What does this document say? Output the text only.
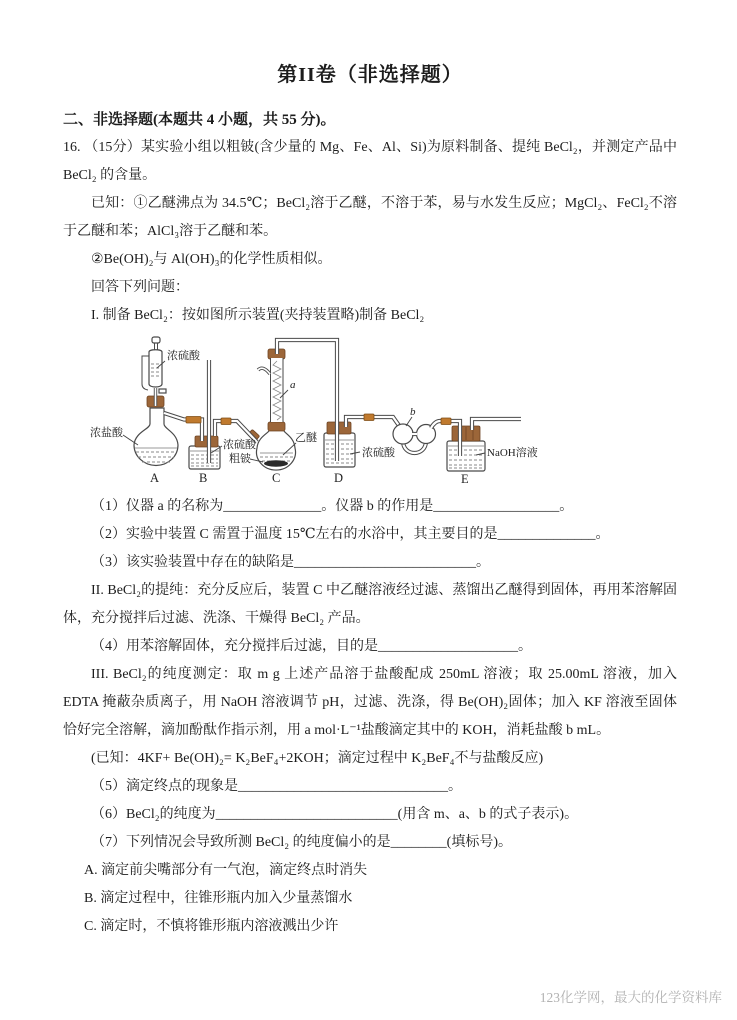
第II卷（非选择题）

二、非选择题(本题共 4 小题，共 55 分)。

16. （15分）某实验小组以粗铍(含少量的 Mg、Fe、Al、Si)为原料制备、提纯 BeCl₂，并测定产品中 BeCl₂ 的含量。

已知：①乙醚沸点为 34.5℃；BeCl₂溶于乙醚，不溶于苯，易与水发生反应；MgCl₂、FeCl₂不溶于乙醚和苯；AlCl₃溶于乙醚和苯。

②Be(OH)₂与 Al(OH)₃的化学性质相似。

回答下列问题：

I. 制备 BeCl₂：按如图所示装置(夹持装置略)制备 BeCl₂

浓硫酸
浓盐酸
浓硫酸
粗铍
乙醚
浓硫酸	NaOH溶液
a
b
A	B	C	D	E

（1）仪器 a 的名称为______________。仪器 b 的作用是__________________。

（2）实验中装置 C 需置于温度 15℃左右的水浴中，其主要目的是______________。

（3）该实验装置中存在的缺陷是__________________________。

II. BeCl₂的提纯：充分反应后，装置 C 中乙醚溶液经过滤、蒸馏出乙醚得到固体，再用苯溶解固体，充分搅拌后过滤、洗涤、干燥得 BeCl₂ 产品。

（4）用苯溶解固体，充分搅拌后过滤，目的是____________________。

III. BeCl₂的纯度测定：取 m g 上述产品溶于盐酸配成 250mL 溶液；取 25.00mL 溶液，加入 EDTA 掩蔽杂质离子，用 NaOH 溶液调节 pH，过滤、洗涤，得 Be(OH)₂固体；加入 KF 溶液至固体恰好完全溶解，滴加酚酞作指示剂，用 a mol·L⁻¹盐酸滴定其中的 KOH，消耗盐酸 b mL。

(已知：4KF+ Be(OH)₂= K₂BeF₄+2KOH；滴定过程中 K₂BeF₄不与盐酸反应)

（5）滴定终点的现象是______________________________。

（6）BeCl₂的纯度为__________________________(用含 m、a、b 的式子表示)。

（7）下列情况会导致所测 BeCl₂ 的纯度偏小的是________(填标号)。

A. 滴定前尖嘴部分有一气泡，滴定终点时消失

B. 滴定过程中，往锥形瓶内加入少量蒸馏水

C. 滴定时，不慎将锥形瓶内溶液溅出少许

123化学网，最大的化学资料库
